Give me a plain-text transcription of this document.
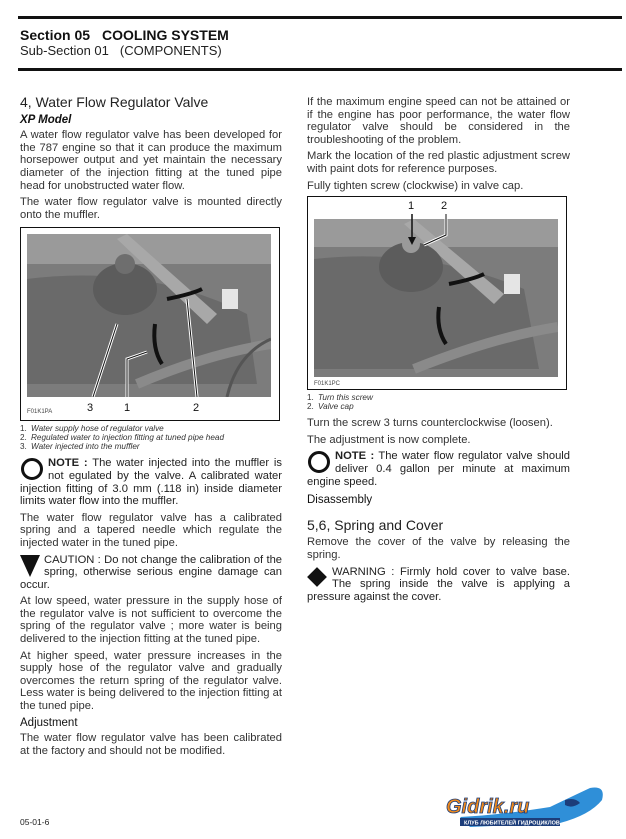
Section 05 COOLING SYSTEM
Sub-Section 01 (COMPONENTS)
4, Water Flow Regulator Valve
XP Model

A water flow regulator valve has been developed for the 787 engine so that it can produce the maximum horsepower output and yet maintain the necessary diameter of the injection fitting at the tuned pipe head for unobstructed water flow.

The water flow regulator valve is mounted directly onto the muffler.

F01K1PA	3	1	2
1. Water supply hose of regulator valve
2. Regulated water to injection fitting at tuned pipe head
3. Water injected into the muffler

NOTE : The water injected into the muffler is not egulated by the valve. A calibrated water injection fitting of 3.0 mm (.118 in) inside diameter limits water flow into the muffler.

The water flow regulator valve has a calibrated spring and a tapered needle which regulate the injected water in the tuned pipe.

CAUTION : Do not change the calibration of the spring, otherwise serious engine damage can occur.

At low speed, water pressure in the supply hose of the regulator valve is not sufficient to overcome the spring of the regulator valve ; more water is being delivered to the injection fitting at the tuned pipe.

At higher speed, water pressure increases in the supply hose of the regulator valve and gradually overcomes the return spring of the regulator valve. Less water is being delivered to the injection fitting at the tuned pipe.

Adjustment

The water flow regulator valve has been calibrated at the factory and should not be modified.

If the maximum engine speed can not be attained or if the engine has poor performance, the water flow regulator valve should be considered in the troubleshooting of the problem.

Mark the location of the red plastic adjustment screw with paint dots for reference purposes.

Fully tighten screw (clockwise) in valve cap.

1 2
F01K1PC
1. Turn this screw
2. Valve cap

Turn the screw 3 turns counterclockwise (loosen).

The adjustment is now complete.

NOTE : The water flow regulator valve should deliver 0.4 gallon per minute at maximum engine speed.

Disassembly
5,6, Spring and Cover

Remove the cover of the valve by releasing the spring.

WARNING : Firmly hold cover to valve base. The spring inside the valve is applying a pressure against the cover.

05-01-6
Gidrik.ru
КЛУБ ЛЮБИТЕЛЕЙ ГИДРОЦИКЛОВ
